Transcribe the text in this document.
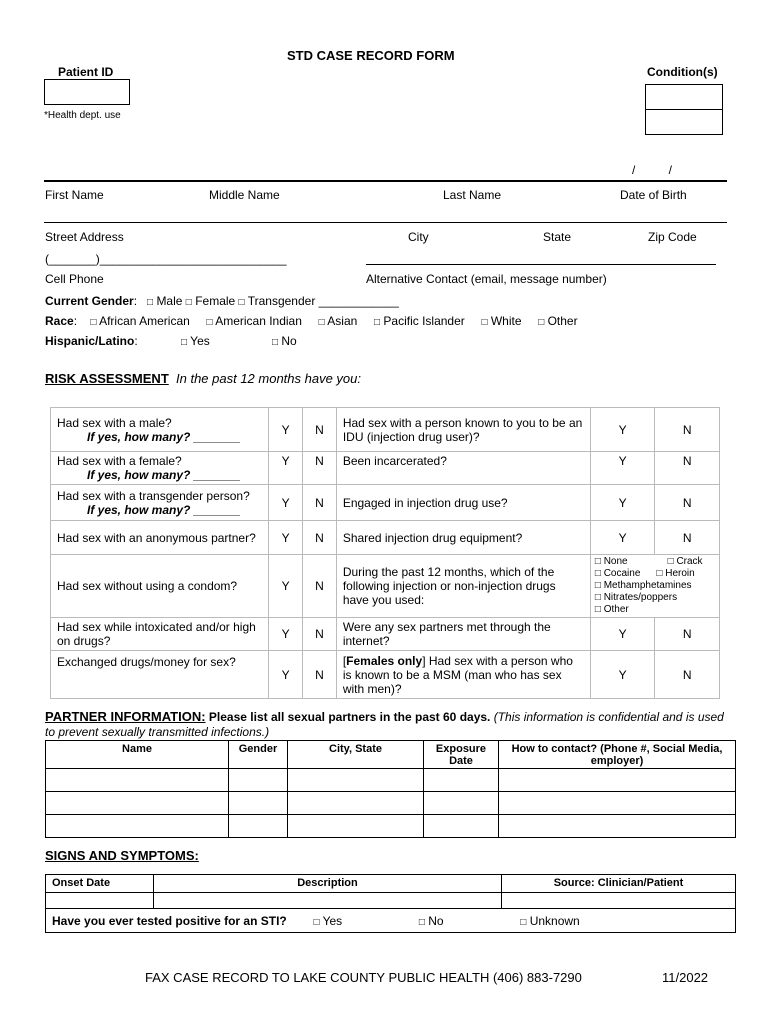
STD CASE RECORD FORM
Patient ID	Condition(s)
*Health dept. use
/          /
First Name	Middle Name	Last Name	Date of Birth
Street Address	City	State	Zip Code
(_______)____________________________
Cell Phone	Alternative Contact (email, message number)
Current Gender:   □ Male □ Female □ Transgender ____________
Race:    □ African American □ American Indian □ Asian □ Pacific Islander □ White □ Other
Hispanic/Latino: □	Yes □	No
RISK ASSESSMENT In the past 12 months have you:
Had sex with a male?
If yes, how many? _______	Y	N	Had sex with a person known to you to be an IDU (injection drug user)?	Y	N

Had sex with a female?
If yes, how many? _______	Y	N	Been incarcerated?	Y	N

Had sex with a transgender person?
If yes, how many? _______	Y	N	Engaged in injection drug use?	Y	N
Had sex with an anonymous partner?	Y	N	Shared injection drug equipment?	Y	N
Had sex without using a condom?	Y	N	During the past 12 months, which of the following injection or non-injection drugs have you used:	
□ None□ Crack
□ Cocaine □ Heroin
□ Methamphetamines
□ Nitrates/poppers
□ Other

Had sex while intoxicated and/or high on drugs?	Y	N	Were any sex partners met through the internet?	Y	N
Exchanged drugs/money for sex?	Y	N	[Females only] Had sex with a person who is known to be a MSM (man who has sex with men)?	Y	N
PARTNER INFORMATION: Please list all sexual partners in the past 60 days. (This information is confidential and is used to prevent sexually transmitted infections.)
Name	Gender	City, State	Exposure Date	How to contact? (Phone #, Social Media, employer)

SIGNS AND SYMPTOMS:
Onset Date	Description	Source: Clinician/Patient

Have you ever tested positive for an STI? □ Yes □ No □ Unknown
FAX CASE RECORD TO LAKE COUNTY PUBLIC HEALTH (406) 883-7290	11/2022
